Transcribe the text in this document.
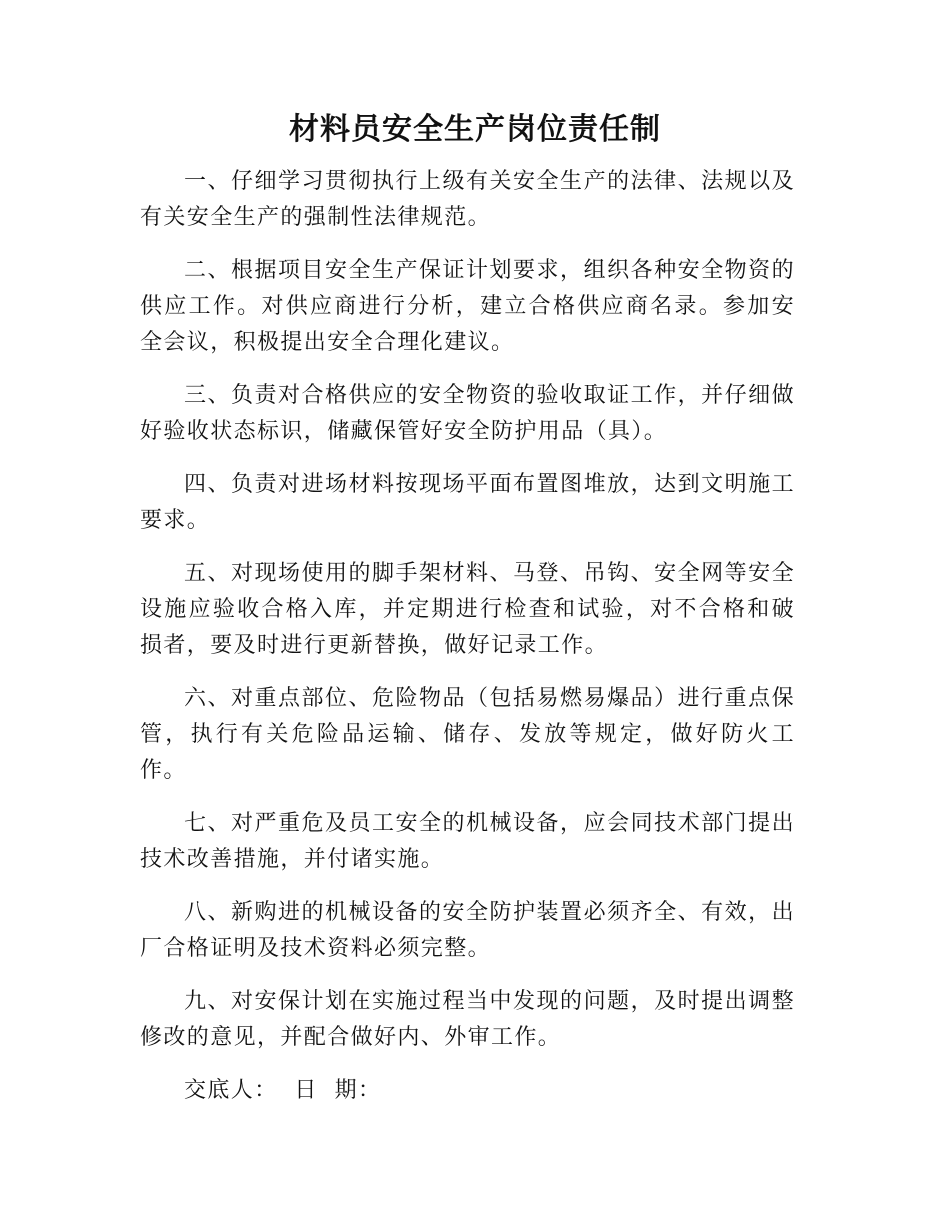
材料员安全生产岗位责任制

一、仔细学习贯彻执行上级有关安全生产的法律、法规以及有关安全生产的强制性法律规范。

二、根据项目安全生产保证计划要求，组织各种安全物资的供应工作。对供应商进行分析，建立合格供应商名录。参加安全会议，积极提出安全合理化建议。

三、负责对合格供应的安全物资的验收取证工作，并仔细做好验收状态标识，储藏保管好安全防护用品（具）。

四、负责对进场材料按现场平面布置图堆放，达到文明施工要求。

五、对现场使用的脚手架材料、马登、吊钩、安全网等安全设施应验收合格入库，并定期进行检查和试验，对不合格和破损者，要及时进行更新替换，做好记录工作。

六、对重点部位、危险物品（包括易燃易爆品）进行重点保管，执行有关危险品运输、储存、发放等规定，做好防火工作。

七、对严重危及员工安全的机械设备，应会同技术部门提出技术改善措施，并付诸实施。

八、新购进的机械设备的安全防护装置必须齐全、有效，出厂合格证明及技术资料必须完整。

九、对安保计划在实施过程当中发现的问题，及时提出调整修改的意见，并配合做好内、外审工作。

交底人：  日  期：
